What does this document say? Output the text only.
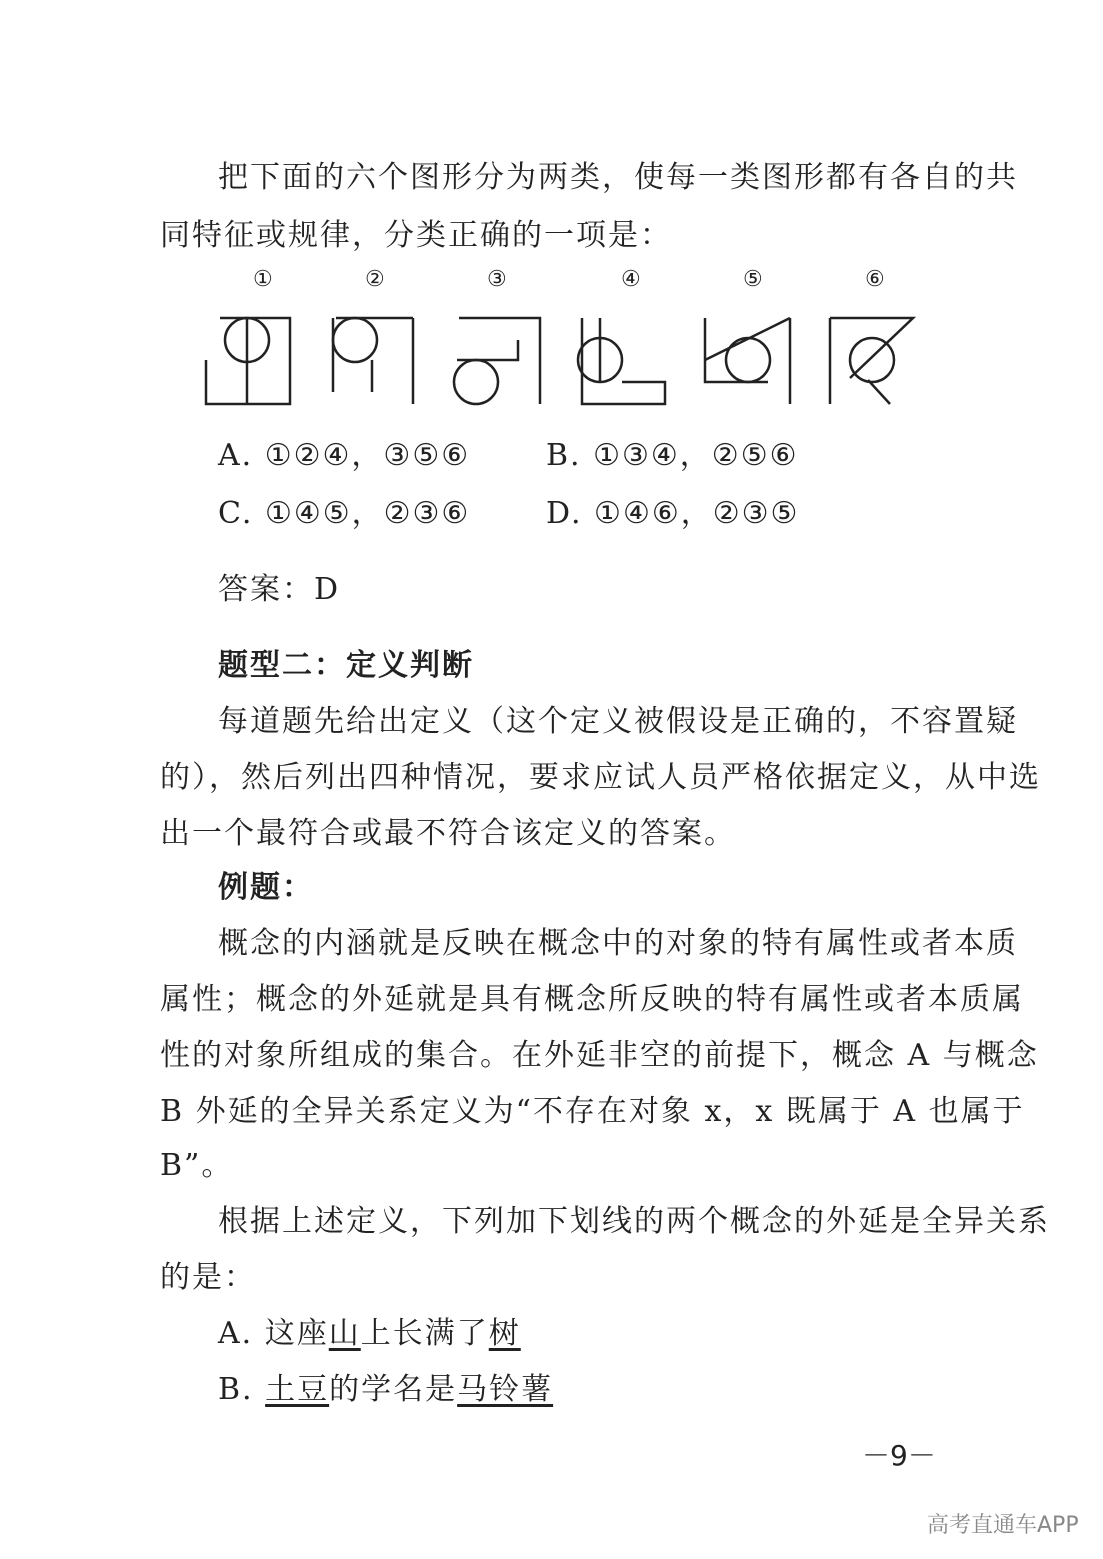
把下面的六个图形分为两类，使每一类图形都有各自的共
同特征或规律，分类正确的一项是：
①	②	③	④	⑤	⑥
A. ①②④，③⑤⑥	B. ①③④，②⑤⑥
C. ①④⑤，②③⑥	D. ①④⑥，②③⑤
答案：D
题型二：定义判断
每道题先给出定义（这个定义被假设是正确的，不容置疑
的），然后列出四种情况，要求应试人员严格依据定义，从中选
出一个最符合或最不符合该定义的答案。
例题：
概念的内涵就是反映在概念中的对象的特有属性或者本质
属性；概念的外延就是具有概念所反映的特有属性或者本质属
性的对象所组成的集合。在外延非空的前提下，概念 A 与概念
B 外延的全异关系定义为“不存在对象 x，x 既属于 A 也属于
B”。
根据上述定义，下列加下划线的两个概念的外延是全异关系
的是：
A. 这座山上长满了树
B. 土豆的学名是马铃薯
－9－
高考直通车APP
